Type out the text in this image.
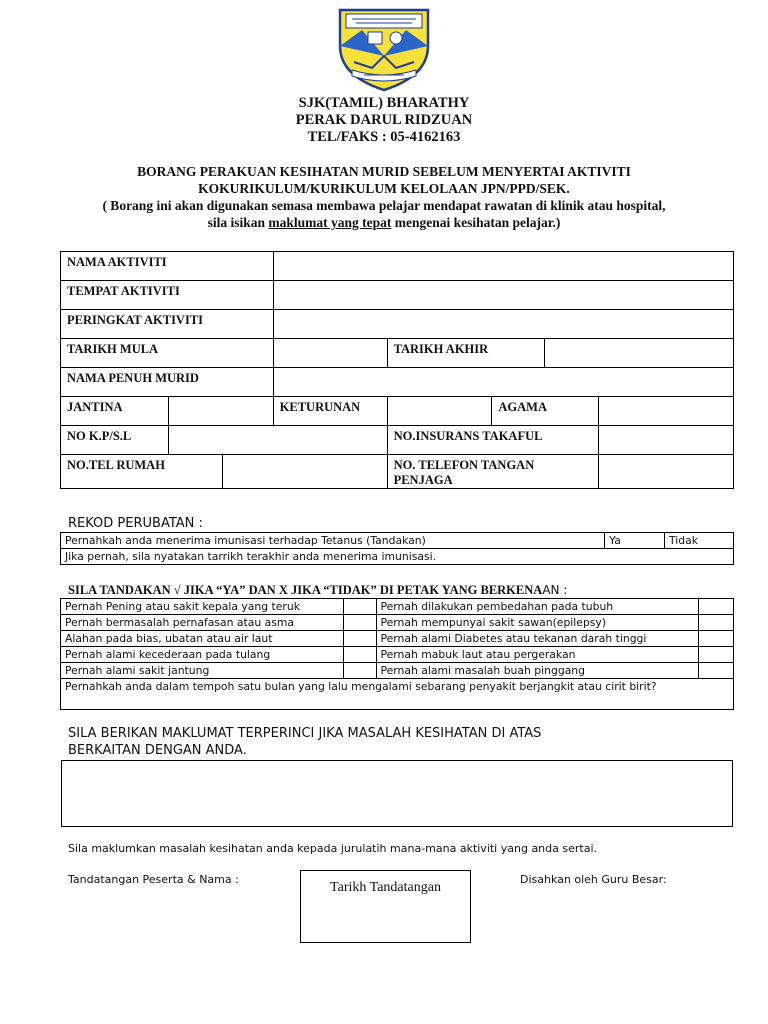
SJK(TAMIL) BHARATHY
PERAK DARUL RIDZUAN
TEL/FAKS : 05-4162163
BORANG PERAKUAN KESIHATAN MURID SEBELUM MENYERTAI AKTIVITI
KOKURIKULUM/KURIKULUM KELOLAAN JPN/PPD/SEK.
( Borang ini akan digunakan semasa membawa pelajar mendapat rawatan di klinik atau hospital,
sila isikan maklumat yang tepat mengenai kesihatan pelajar.)
NAMA AKTIVITI							
TEMPAT AKTIVITI							
PERINGKAT AKTIVITI							
TARIKH MULA				TARIKH AKHIR			
NAMA PENUH MURID							
JANTINA			KETURUNAN		AGAMA		
NO K.P/S.L				NO.INSURANS TAKAFUL			
NO.TEL RUMAH				NO. TELEFON TANGAN PENJAGA			
REKOD PERUBATAN :
Pernahkah anda menerima imunisasi terhadap Tetanus (Tandakan)	Ya	Tidak
Jika pernah, sila nyatakan tarrikh terakhir anda menerima imunisasi.
SILA TANDAKAN √ JIKA “YA” DAN X JIKA “TIDAK” DI PETAK YANG BERKENAAN :
Pernah Pening atau sakit kepala yang teruk		Pernah dilakukan pembedahan pada tubuh	
Pernah bermasalah pernafasan atau asma		Pernah mempunyai sakit sawan(epilepsy)	
Alahan pada bias, ubatan atau air laut		Pernah alami Diabetes atau tekanan darah tinggi	
Pernah alami kecederaan pada tulang		Pernah mabuk laut atau pergerakan	
Pernah alami sakit jantung		Pernah alami masalah buah pinggang	
Pernahkah anda dalam tempoh satu bulan yang lalu mengalami sebarang penyakit berjangkit atau cirit birit?			
SILA BERIKAN MAKLUMAT TERPERINCI JIKA MASALAH KESIHATAN DI ATAS
BERKAITAN DENGAN ANDA.
Sila maklumkan masalah kesihatan anda kepada jurulatih mana-mana aktiviti yang anda sertai.
Tandatangan Peserta & Nama :
Tarikh Tandatangan
Disahkan oleh Guru Besar:
